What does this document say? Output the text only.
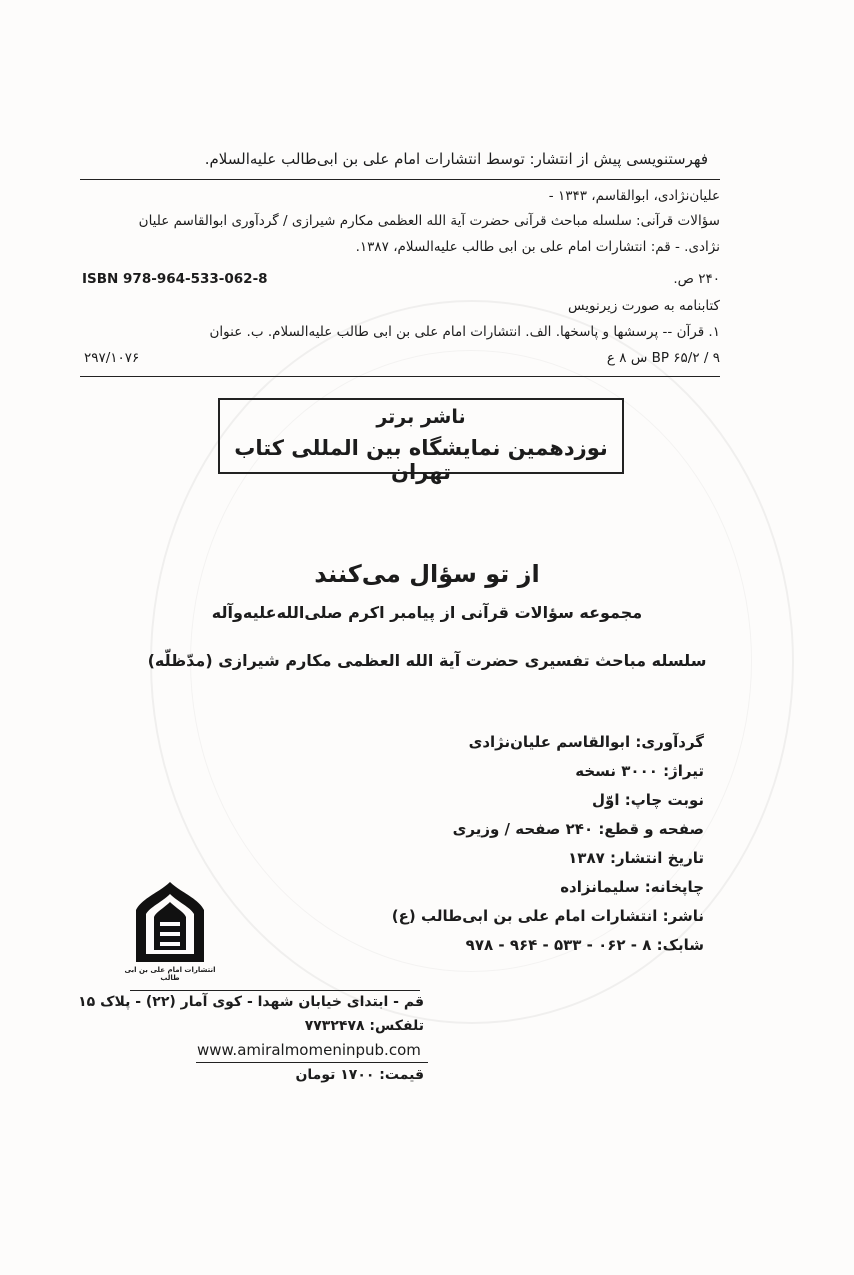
فهرستنویسی پیش از انتشار: توسط انتشارات امام علی بن ابی‌طالب علیه‌السلام.
علیان‌نژادی، ابوالقاسم، ۱۳۴۳ -
سؤالات قرآنی: سلسله مباحث قرآنی حضرت آیة الله العظمی مکارم شیرازی / گردآوری ابوالقاسم علیان
نژادی. - قم: انتشارات امام علی بن ابی طالب علیه‌السلام، ۱۳۸۷.
ISBN 978-964-533-062-8	۲۴۰ ص.
کتابنامه به صورت زیرنویس
۱. قرآن -- پرسشها و پاسخها. الف. انتشارات امام علی بن ابی طالب علیه‌السلام. ب. عنوان
۲۹۷/۱۰۷۶	BP ۶۵/۲ / ۹ س ۸ ع
ناشر برتر
نوزدهمین نمایشگاه بین المللی کتاب تهران
از تو سؤال می‌کنند
مجموعه سؤالات قرآنی از پیامبر اکرم صلی‌الله‌علیه‌وآله
سلسله مباحث تفسیری حضرت آیة الله العظمی مکارم شیرازی (مدّظلّه)
گردآوری: ابوالقاسم علیان‌نژادی
تیراژ: ۳۰۰۰ نسخه
نوبت چاپ: اوّل
صفحه و قطع: ۲۴۰ صفحه / وزیری
تاریخ انتشار: ۱۳۸۷
چاپخانه: سلیمانزاده
ناشر: انتشارات امام علی بن ابی‌طالب (ع)
شابک: ۸ - ۰۶۲ - ۵۳۳ - ۹۶۴ - ۹۷۸
انتشارات امام علی بن ابی طالب
قم - ابتدای خیابان شهدا - کوی آمار (۲۲) - پلاک ۱۵
تلفکس: ۷۷۳۲۴۷۸
www.amiralmomeninpub.com
قیمت: ۱۷۰۰ تومان
